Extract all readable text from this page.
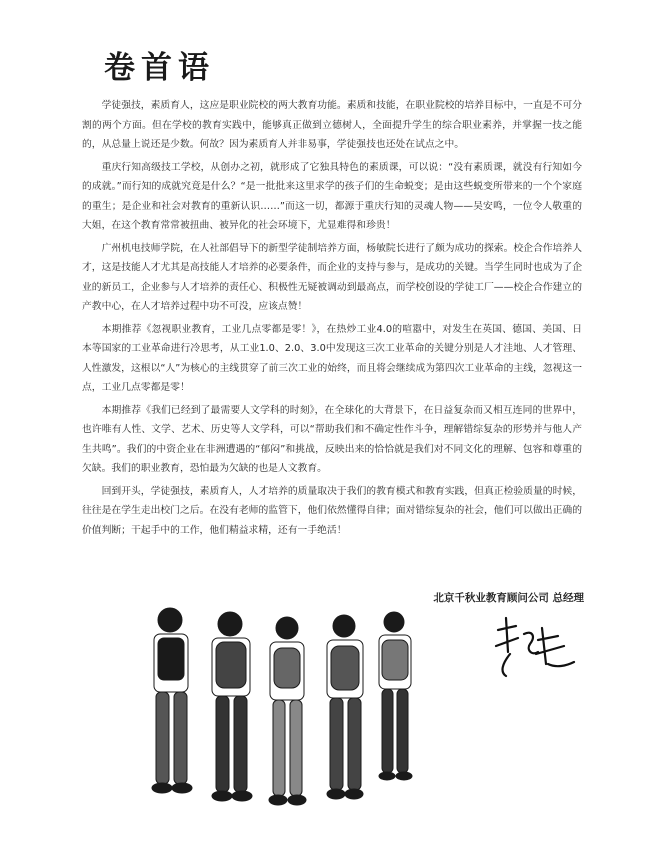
卷首语

学徒强技，素质育人，这应是职业院校的两大教育功能。素质和技能，在职业院校的培养目标中，一直是不可分割的两个方面。但在学校的教育实践中，能够真正做到立德树人，全面提升学生的综合职业素养，并掌握一技之能的，从总量上说还是少数。何故？因为素质育人并非易事，学徒强技也还处在试点之中。

重庆行知高级技工学校，从创办之初，就形成了它独具特色的素质课，可以说：“没有素质课，就没有行知如今的成就。”而行知的成就究竟是什么？“是一批批来这里求学的孩子们的生命蜕变；是由这些蜕变所带来的一个个家庭的重生；是企业和社会对教育的重新认识……”而这一切，都源于重庆行知的灵魂人物——吴安鸣，一位令人敬重的大姐，在这个教育常常被扭曲、被异化的社会环境下，尤显难得和珍贵！

广州机电技师学院，在人社部倡导下的新型学徒制培养方面，杨敏院长进行了颇为成功的探索。校企合作培养人才，这是技能人才尤其是高技能人才培养的必要条件，而企业的支持与参与，是成功的关键。当学生同时也成为了企业的新员工，企业参与人才培养的责任心、积极性无疑被调动到最高点，而学校创设的学徒工厂——校企合作建立的产教中心，在人才培养过程中功不可没，应该点赞！

本期推荐《忽视职业教育，工业几点零都是零！》，在热炒工业4.0的喧嚣中，对发生在英国、德国、美国、日本等国家的工业革命进行冷思考，从工业1.0、2.0、3.0中发现这三次工业革命的关键分别是人才洼地、人才管理、人性激发，这根以“人”为核心的主线贯穿了前三次工业的始终，而且将会继续成为第四次工业革命的主线，忽视这一点，工业几点零都是零！

本期推荐《我们已经到了最需要人文学科的时刻》，在全球化的大背景下，在日益复杂而又相互连同的世界中，也许唯有人性、文学、艺术、历史等人文学科，可以“帮助我们和不确定性作斗争，理解错综复杂的形势并与他人产生共鸣”。我们的中资企业在非洲遭遇的“郁闷”和挑战，反映出来的恰恰就是我们对不同文化的理解、包容和尊重的欠缺。我们的职业教育，恐怕最为欠缺的也是人文教育。

回到开头，学徒强技，素质育人，人才培养的质量取决于我们的教育模式和教育实践，但真正检验质量的时候，往往是在学生走出校门之后。在没有老师的监管下，他们依然懂得自律；面对错综复杂的社会，他们可以做出正确的价值判断；干起手中的工作，他们精益求精，还有一手绝活！

北京千秋业教育顾问公司 总经理
